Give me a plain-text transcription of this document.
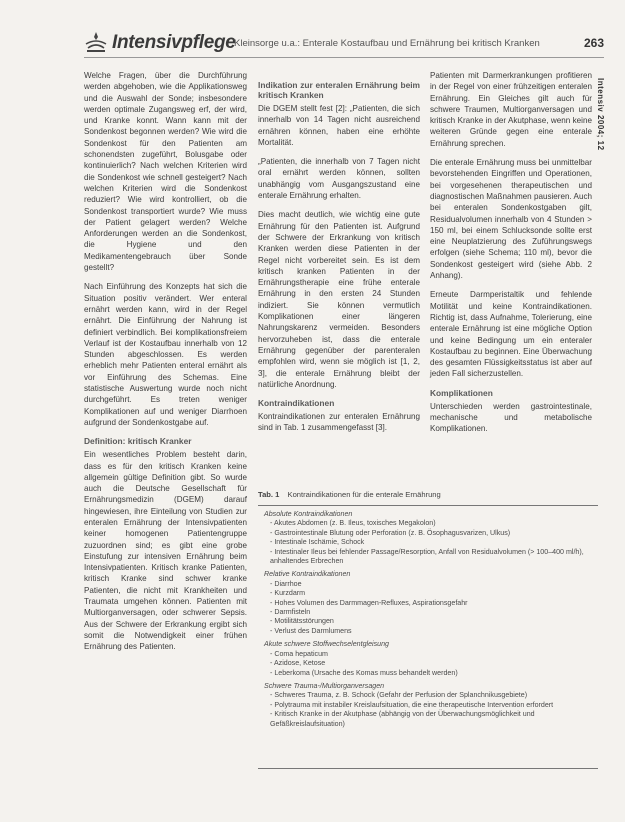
Intensivpflege
Kleinsorge u.a.: Enterale Kostaufbau und Ernährung bei kritisch Kranken	263
Intensiv 2004; 12

Welche Fragen, über die Durchführung werden abgehoben, wie die Applikationsweg und die Auswahl der Sonde; insbesondere werden optimale Zugangsweg erf, der wird, und Kranke konnt. Wann kann mit der Sondenkost begonnen werden? Wie wird die Sondenkost für den Patienten am schonendsten zugeführt, Bolusgabe oder kontinuierlich? Nach welchen Kriterien wird die Sondenkost wie schnell gesteigert? Nach welchen Kriterien wird die Sondenkost reduziert? Wie wird kontrolliert, ob die Sondenkost transportiert wurde? Wie muss der Patient gelagert werden? Welche Anforderungen werden an die Sondenkost, die Hygiene und den Medikamentengebrauch über Sonde gestellt?

Nach Einführung des Konzepts hat sich die Situation positiv verändert. Wer enteral ernährt werden kann, wird in der Regel ernährt. Die Einführung der Nahrung ist definiert verbindlich. Bei komplikationsfreiem Verlauf ist der Kostaufbau innerhalb von 12 Stunden abgeschlossen. Es werden erheblich mehr Patienten enteral ernährt als vor Einführung des Schemas. Eine statistische Auswertung wurde noch nicht durchgeführt. Es treten weniger Komplikationen auf und weniger Diarrhoen aufgrund der Sondenkostgabe auf.

Definition: kritisch Kranker

Ein wesentliches Problem besteht darin, dass es für den kritisch Kranken keine allgemein gültige Definition gibt. So wurde auch die Deutsche Gesellschaft für Ernährungsmedizin (DGEM) darauf hingewiesen, ihre Einteilung von Studien zur enteralen Ernährung der Intensivpatienten keiner homogenen Patientengruppe zuzuordnen sind; es gibt eine grobe Einstufung zur intensiven Ernährung beim Intensivpatienten. Kritisch kranke Patienten, kritisch Kranke sind schwer kranke Patienten, die nicht mit Krankheiten und Traumata umgehen können. Patienten mit Multiorganversagen, oder schwerer Sepsis. Aus der Schwere der Erkrankung ergibt sich somit die Notwendigkeit einer frühen Ernährung des Patienten.

Indikation zur enteralen Ernährung beim kritisch Kranken

Die DGEM stellt fest [2]: „Patienten, die sich innerhalb von 14 Tagen nicht ausreichend ernähren können, haben eine erhöhte Mortalität.

„Patienten, die innerhalb von 7 Tagen nicht oral ernährt werden können, sollten unabhängig vom Ausgangszustand eine enterale Ernährung erhalten.

Dies macht deutlich, wie wichtig eine gute Ernährung für den Patienten ist. Aufgrund der Schwere der Erkrankung von kritisch Kranken werden diese Patienten in der Regel nicht vorbereitet sein. Es ist dem kritisch kranken Patienten in der Ernährungstherapie eine frühe enterale Ernährung in den ersten 24 Stunden indiziert. Sie können vermutlich Komplikationen einer längeren Nahrungskarenz vermeiden. Besonders hervorzuheben ist, dass die enterale Ernährung gegenüber der parenteralen empfohlen wird, wenn sie möglich ist [1, 2, 3], die enterale Ernährung bleibt der natürliche Anordnung.

Kontraindikationen

Kontraindikationen zur enteralen Ernährung sind in Tab. 1 zusammengefasst [3].

Patienten mit Darmerkrankungen profitieren in der Regel von einer frühzeitigen enteralen Ernährung. Ein Gleiches gilt auch für schwere Traumen, Multiorganversagen und kritisch Kranke in der Akutphase, wenn keine weiteren Gründe gegen eine enterale Ernährung sprechen.

Die enterale Ernährung muss bei unmittelbar bevorstehenden Eingriffen und Operationen, bei vorgesehenen therapeutischen und diagnostischen Maßnahmen pausieren. Auch bei enteralen Sondenkostgaben gilt, Residualvolumen innerhalb von 4 Stunden > 150 ml, bei einem Schlucksonde sollte erst eine Neuplatzierung des Zuführungswegs erfolgen (siehe Schema; 110 ml), bevor die Sondenkost gesteigert wird (siehe Abb. 2 Anhang).

Erneute Darmperistaltik und fehlende Motilität und keine Kontraindikationen. Richtig ist, dass Aufnahme, Tolerierung, eine enterale Ernährung ist eine mögliche Option und keine Bedingung um ein enteraler Kostaufbau zu beginnen. Eine Überwachung des gesamten Flüssigkeitsstatus ist aber auf jeden Fall sicherzustellen.

Komplikationen

Unterschieden werden gastrointestinale, mechanische und metabolische Komplikationen.

Tab. 1 Kontraindikationen für die enterale Ernährung
Absolute Kontraindikationen
- Akutes Abdomen (z. B. Ileus, toxisches Megakolon)
- Gastrointestinale Blutung oder Perforation (z. B. Ösophagusvarizen, Ulkus)
- Intestinale Ischämie, Schock
- Intestinaler Ileus bei fehlender Passage/Resorption, Anfall von Residualvolumen (> 100–400 ml/h), anhaltendes Erbrechen
Relative Kontraindikationen
- Diarrhoe
- Kurzdarm
- Hohes Volumen des Darmmagen-Refluxes, Aspirationsgefahr
- Darmfisteln
- Motilitätsstörungen
- Verlust des Darmlumens
Akute schwere Stoffwechselentgleisung
- Coma hepaticum
- Azidose, Ketose
- Leberkoma (Ursache des Komas muss behandelt werden)
Schwere Trauma-/Multiorganversagen
- Schweres Trauma, z. B. Schock (Gefahr der Perfusion der Splanchnikusgebiete)
- Polytrauma mit instabiler Kreislaufsituation, die eine therapeutische Intervention erfordert
- Kritisch Kranke in der Akutphase (abhängig von der Überwachungsmöglichkeit und Gefäßkreislaufsituation)
